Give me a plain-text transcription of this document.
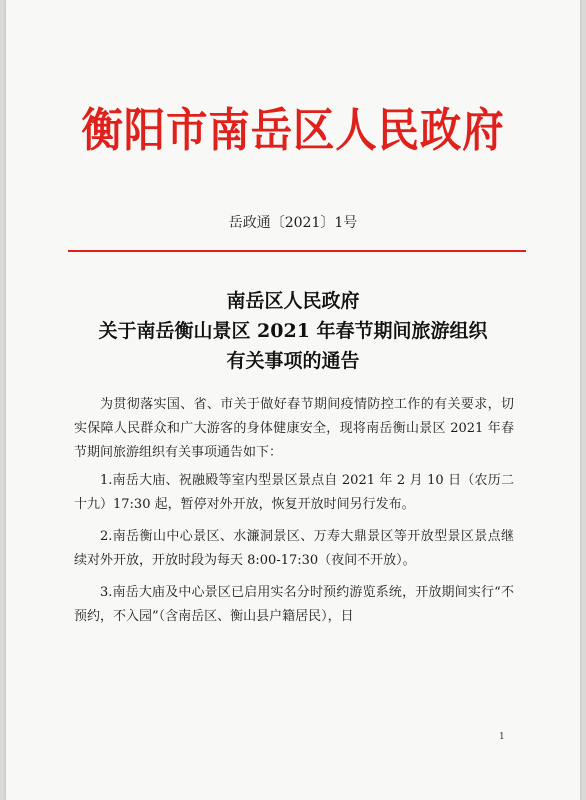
衡阳市南岳区人民政府
岳政通〔2021〕1号
南岳区人民政府
关于南岳衡山景区 2021 年春节期间旅游组织
有关事项的通告

为贯彻落实国、省、市关于做好春节期间疫情防控工作的有关要求，切实保障人民群众和广大游客的身体健康安全，现将南岳衡山景区 2021 年春节期间旅游组织有关事项通告如下：

1.南岳大庙、祝融殿等室内型景区景点自 2021 年 2 月 10 日（农历二十九）17:30 起，暂停对外开放，恢复开放时间另行发布。

2.南岳衡山中心景区、水濂洞景区、万寿大鼎景区等开放型景区景点继续对外开放，开放时段为每天 8:00-17:30（夜间不开放）。

3.南岳大庙及中心景区已启用实名分时预约游览系统，开放期间实行“不预约，不入园”（含南岳区、衡山县户籍居民），日

1
